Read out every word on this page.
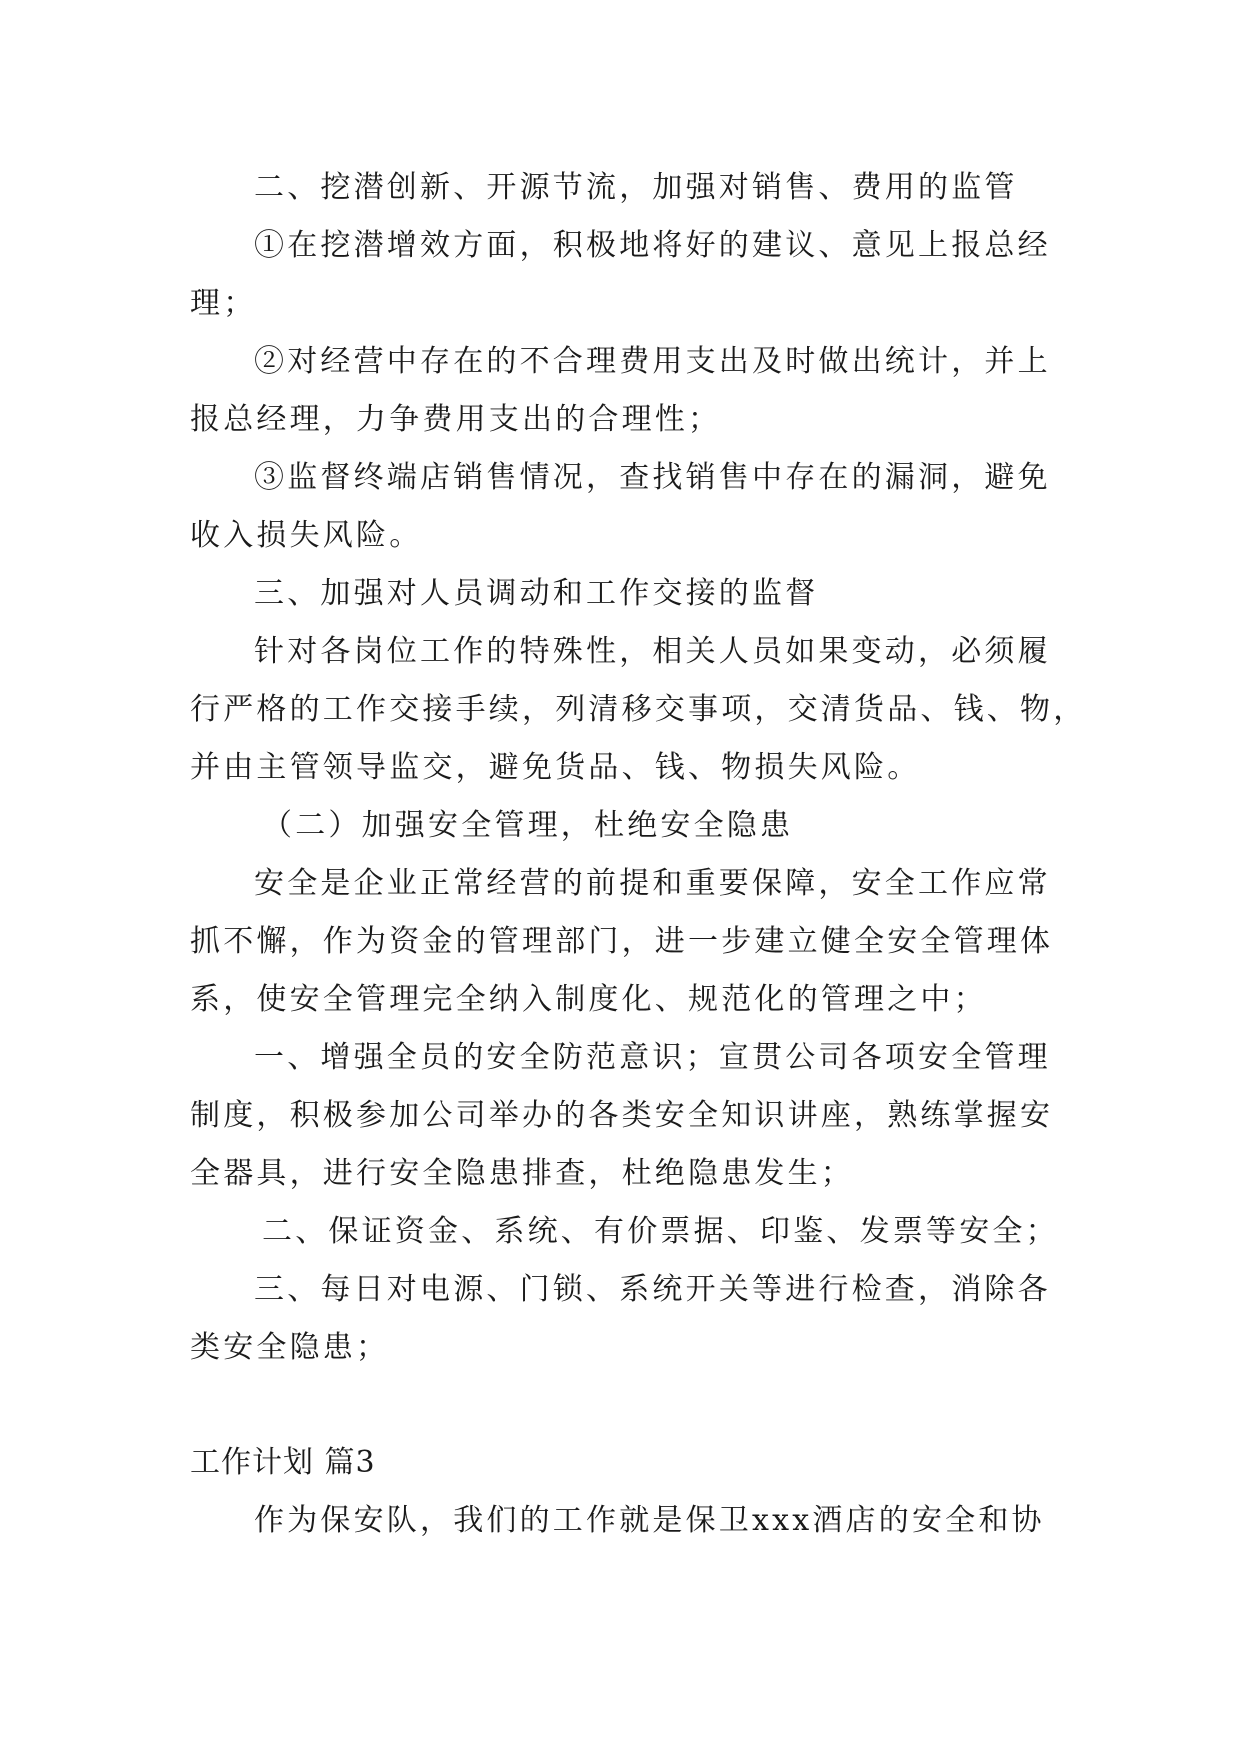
二、挖潜创新、开源节流，加强对销售、费用的监管
①在挖潜增效方面，积极地将好的建议、意见上报总经
理；
②对经营中存在的不合理费用支出及时做出统计，并上
报总经理，力争费用支出的合理性；
③监督终端店销售情况，查找销售中存在的漏洞，避免
收入损失风险。
三、加强对人员调动和工作交接的监督
针对各岗位工作的特殊性，相关人员如果变动，必须履
行严格的工作交接手续，列清移交事项，交清货品、钱、物，
并由主管领导监交，避免货品、钱、物损失风险。
（二）加强安全管理，杜绝安全隐患
安全是企业正常经营的前提和重要保障，安全工作应常
抓不懈，作为资金的管理部门，进一步建立健全安全管理体
系，使安全管理完全纳入制度化、规范化的管理之中；
一、增强全员的安全防范意识；宣贯公司各项安全管理
制度，积极参加公司举办的各类安全知识讲座，熟练掌握安
全器具，进行安全隐患排查，杜绝隐患发生；
二、保证资金、系统、有价票据、印鉴、发票等安全；
三、每日对电源、门锁、系统开关等进行检查，消除各
类安全隐患；
工作计划 篇3
作为保安队，我们的工作就是保卫xxx酒店的安全和协
